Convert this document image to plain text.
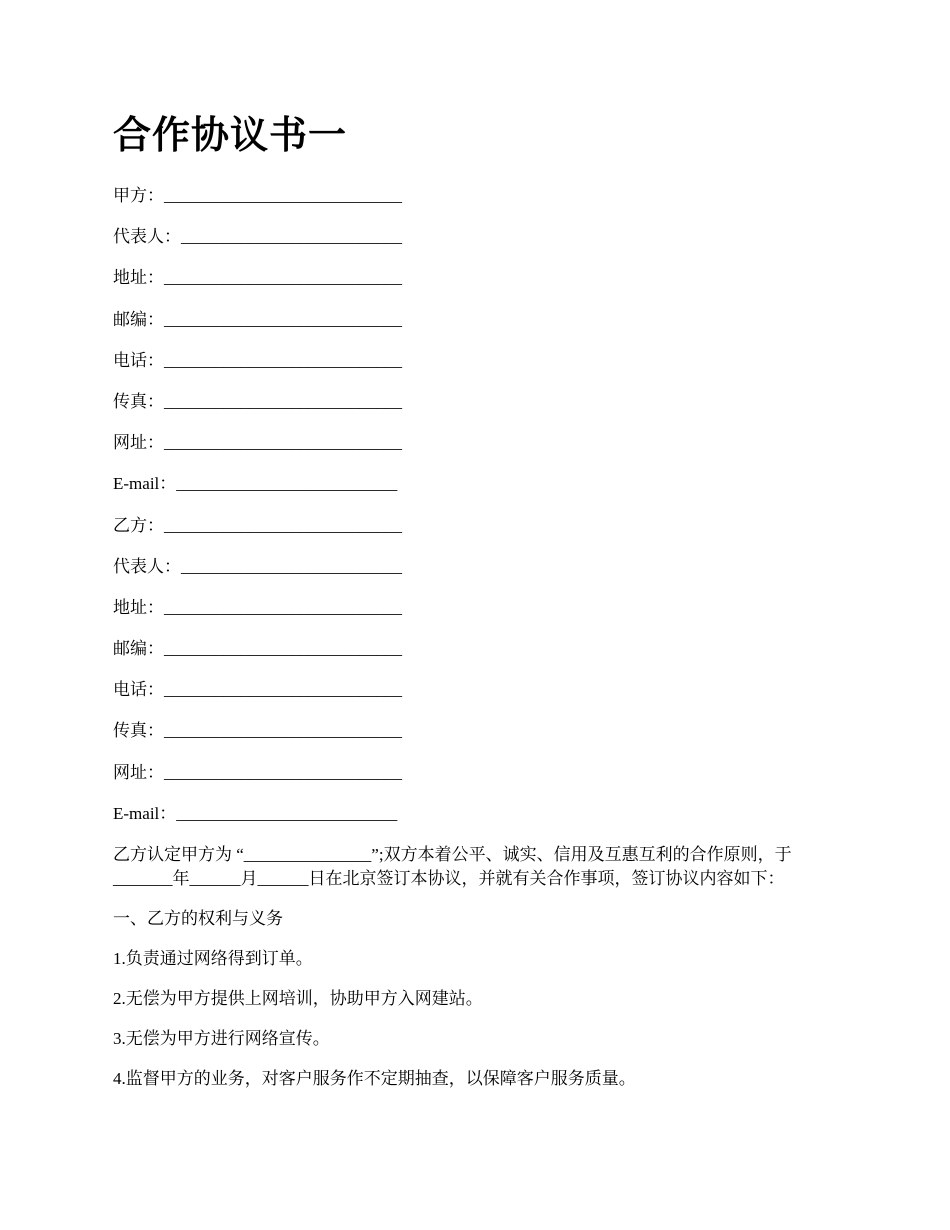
合作协议书一
甲方：____________________________
代表人：__________________________
地址：____________________________
邮编：____________________________
电话：____________________________
传真：____________________________
网址：____________________________
E-mail：__________________________
乙方：____________________________
代表人：__________________________
地址：____________________________
邮编：____________________________
电话：____________________________
传真：____________________________
网址：____________________________
E-mail：__________________________

乙方认定甲方为 “_______________”;双方本着公平、诚实、信用及互惠互利的合作原则，于_______年______月______日在北京签订本协议，并就有关合作事项，签订协议内容如下：

一、乙方的权利与义务

1.负责通过网络得到订单。

2.无偿为甲方提供上网培训，协助甲方入网建站。

3.无偿为甲方进行网络宣传。

4.监督甲方的业务，对客户服务作不定期抽查，以保障客户服务质量。
